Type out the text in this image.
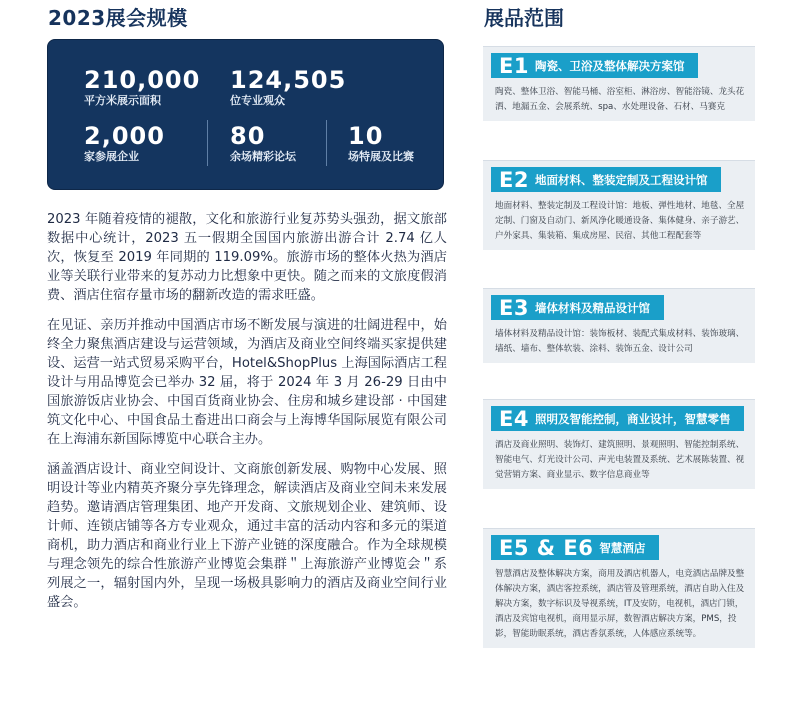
2023展会规模
210,000
平方米展示面积
124,505
位专业观众
2,000
家参展企业
80
余场精彩论坛
10
场特展及比赛

2023 年随着疫情的褪散，文化和旅游行业复苏势头强劲，据文旅部数据中心统计，2023 五一假期全国国内旅游出游合计 2.74 亿人次，恢复至 2019 年同期的 119.09%。旅游市场的整体火热为酒店业等关联行业带来的复苏动力比想象中更快。随之而来的文旅度假消费、酒店住宿存量市场的翻新改造的需求旺盛。

在见证、亲历并推动中国酒店市场不断发展与演进的壮阔进程中，始终全力聚焦酒店建设与运营领域，为酒店及商业空间终端买家提供建设、运营一站式贸易采购平台，Hotel&ShopPlus 上海国际酒店工程设计与用品博览会已举办 32 届，将于 2024 年 3 月 26-29 日由中国旅游饭店业协会、中国百货商业协会、住房和城乡建设部 · 中国建筑文化中心、中国食品土畜进出口商会与上海博华国际展览有限公司在上海浦东新国际博览中心联合主办。

涵盖酒店设计、商业空间设计、文商旅创新发展、购物中心发展、照明设计等业内精英齐聚分享先锋理念，解读酒店及商业空间未来发展趋势。邀请酒店管理集团、地产开发商、文旅规划企业、建筑师、设计师、连锁店铺等各方专业观众，通过丰富的活动内容和多元的渠道商机，助力酒店和商业行业上下游产业链的深度融合。作为全球规模与理念领先的综合性旅游产业博览会集群＂上海旅游产业博览会＂系列展之一，辐射国内外，呈现一场极具影响力的酒店及商业空间行业盛会。

展品范围
E1 陶瓷、卫浴及整体解决方案馆
陶瓷、整体卫浴、智能马桶、浴室柜、淋浴房、智能浴镜、龙头花洒、地漏五金、会展系统、spa、水处理设备、石材、马赛克
E2 地面材料、整装定制及工程设计馆
地面材料、整装定制及工程设计馆：地板、弹性地材、地毯、全屋定制、门窗及自动门、新风净化暖通设备、集体健身、亲子游艺、户外家具、集装箱、集成房屋、民宿、其他工程配套等
E3 墙体材料及精品设计馆
墙体材料及精品设计馆：装饰板材、装配式集成材料、装饰玻璃、墙纸、墙布、整体软装、涂料、装饰五金、设计公司
E4 照明及智能控制，商业设计，智慧零售
酒店及商业照明、装饰灯、建筑照明、景观照明、智能控制系统、智能电气、灯光设计公司、声光电装置及系统、艺术展陈装置、视觉营销方案、商业显示、数字信息商业等
E5 & E6 智慧酒店
智慧酒店及整体解决方案，商用及酒店机器人，电竞酒店品牌及整体解决方案，酒店客控系统，酒店管及管理系统，酒店自助入住及解决方案，数字标识及导视系统，IT及安防，电视机，酒店门锁，酒店及宾馆电视机，商用显示屏，数智酒店解决方案，PMS，投影，智能助眠系统，酒店香氛系统，人体感应系统等。
